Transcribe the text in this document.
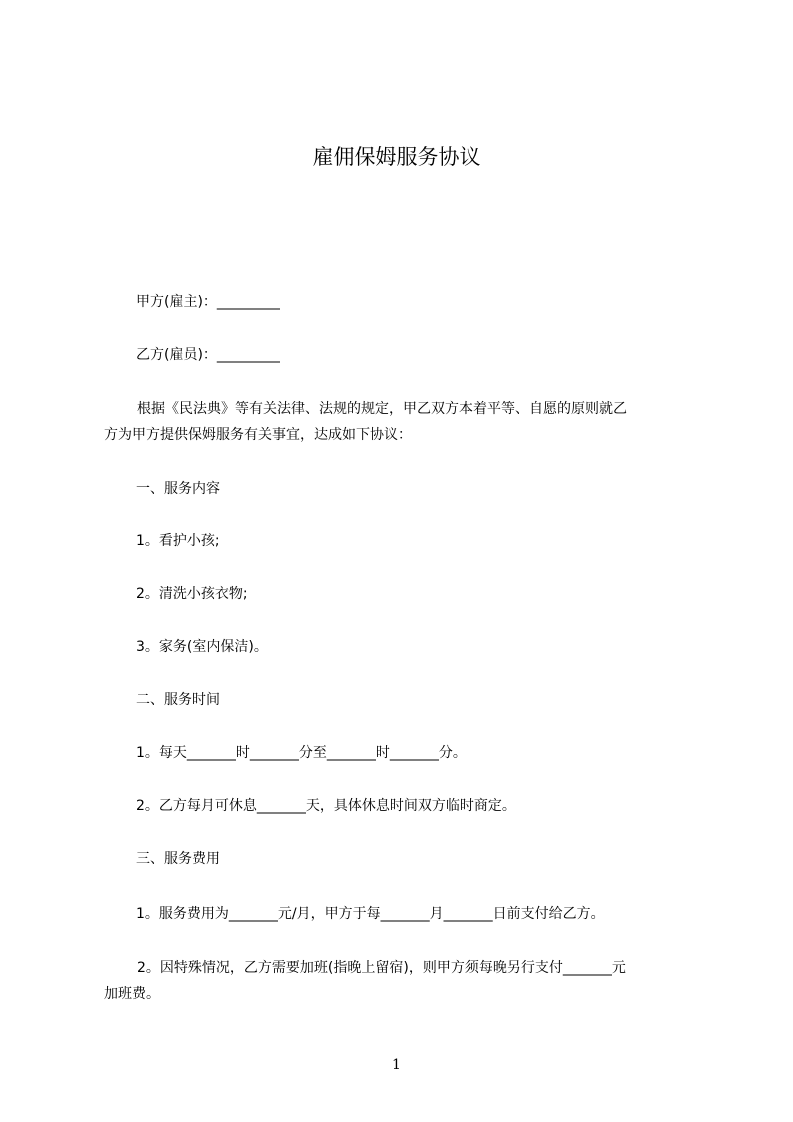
雇佣保姆服务协议
甲方(雇主)：_________
乙方(雇员)：_________
根据《民法典》等有关法律、法规的规定，甲乙双方本着平等、自愿的原则就乙
方为甲方提供保姆服务有关事宜，达成如下协议：
一、服务内容
1。看护小孩;
2。清洗小孩衣物;
3。家务(室内保洁)。
二、服务时间
1。每天_______时_______分至_______时_______分。
2。乙方每月可休息_______天，具体休息时间双方临时商定。
三、服务费用
1。服务费用为_______元/月，甲方于每_______月_______日前支付给乙方。
2。因特殊情况，乙方需要加班(指晚上留宿)，则甲方须每晚另行支付_______元
加班费。
1
